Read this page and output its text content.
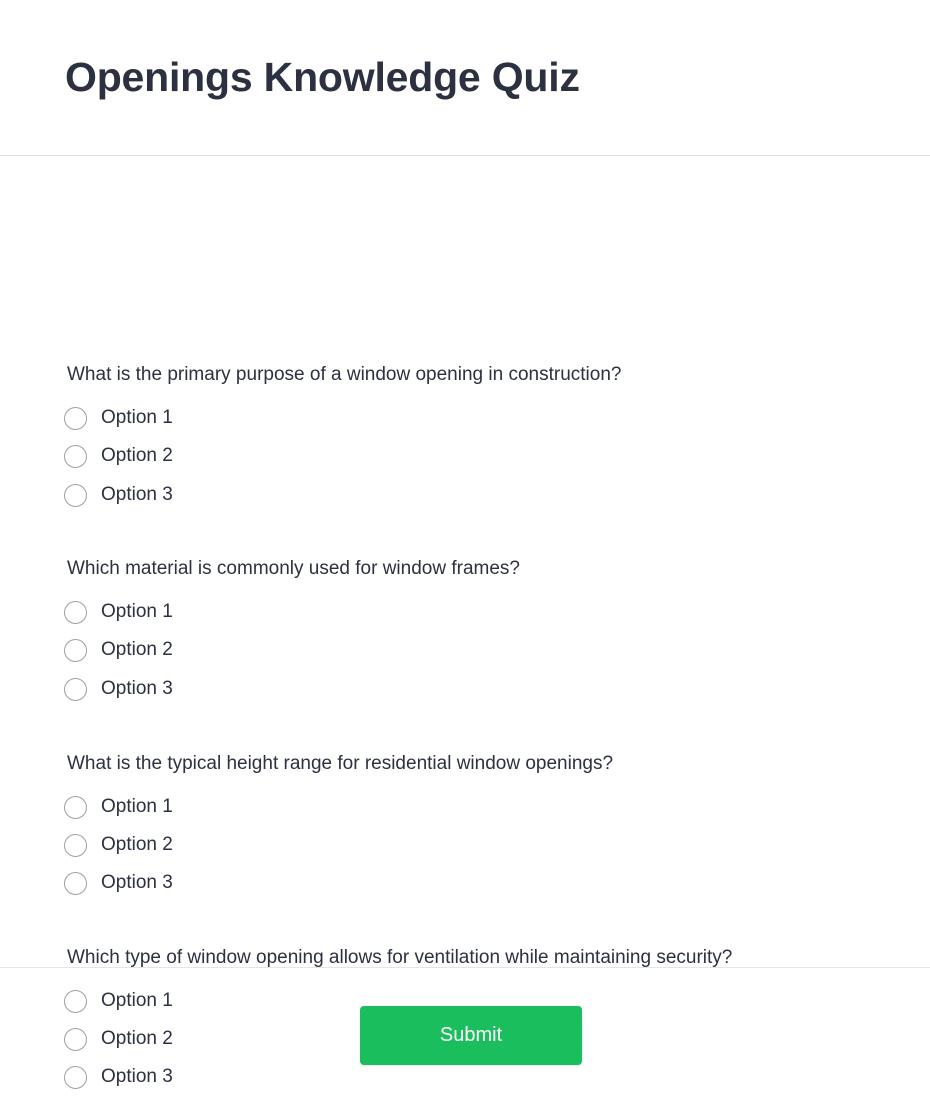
Openings Knowledge Quiz
What is the primary purpose of a window opening in construction?
Option 1
Option 2
Option 3
Which material is commonly used for window frames?
Option 1
Option 2
Option 3
What is the typical height range for residential window openings?
Option 1
Option 2
Option 3
Which type of window opening allows for ventilation while maintaining security?
Option 1
Option 2
Option 3
Submit
